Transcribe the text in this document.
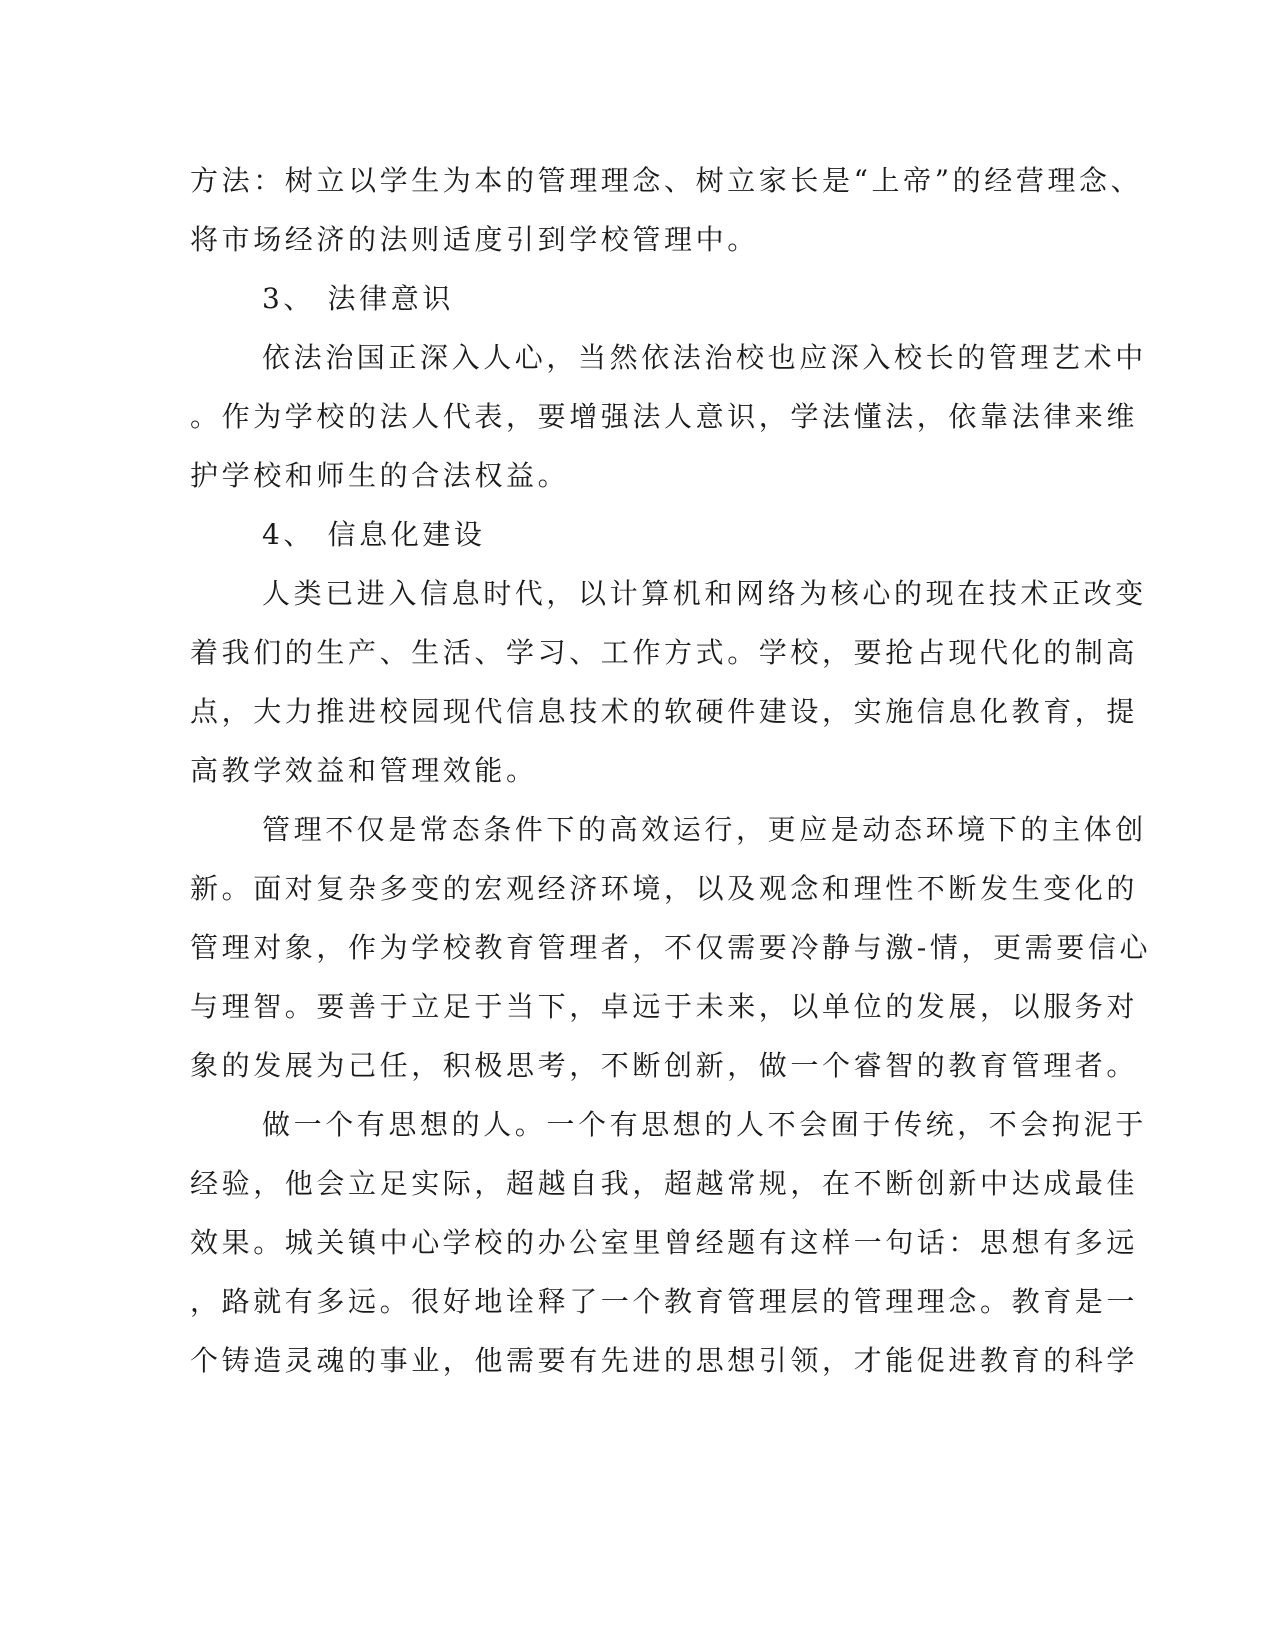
方法：树立以学生为本的管理理念、树立家长是“上帝”的经营理念、
将市场经济的法则适度引到学校管理中。
3、 法律意识
依法治国正深入人心，当然依法治校也应深入校长的管理艺术中
。作为学校的法人代表，要增强法人意识，学法懂法，依靠法律来维
护学校和师生的合法权益。
4、 信息化建设
人类已进入信息时代，以计算机和网络为核心的现在技术正改变
着我们的生产、生活、学习、工作方式。学校，要抢占现代化的制高
点，大力推进校园现代信息技术的软硬件建设，实施信息化教育，提
高教学效益和管理效能。
管理不仅是常态条件下的高效运行，更应是动态环境下的主体创
新。面对复杂多变的宏观经济环境，以及观念和理性不断发生变化的
管理对象，作为学校教育管理者，不仅需要冷静与激-情，更需要信心
与理智。要善于立足于当下，卓远于未来，以单位的发展，以服务对
象的发展为己任，积极思考，不断创新，做一个睿智的教育管理者。
做一个有思想的人。一个有思想的人不会囿于传统，不会拘泥于
经验，他会立足实际，超越自我，超越常规，在不断创新中达成最佳
效果。城关镇中心学校的办公室里曾经题有这样一句话：思想有多远
，路就有多远。很好地诠释了一个教育管理层的管理理念。教育是一
个铸造灵魂的事业，他需要有先进的思想引领，才能促进教育的科学
